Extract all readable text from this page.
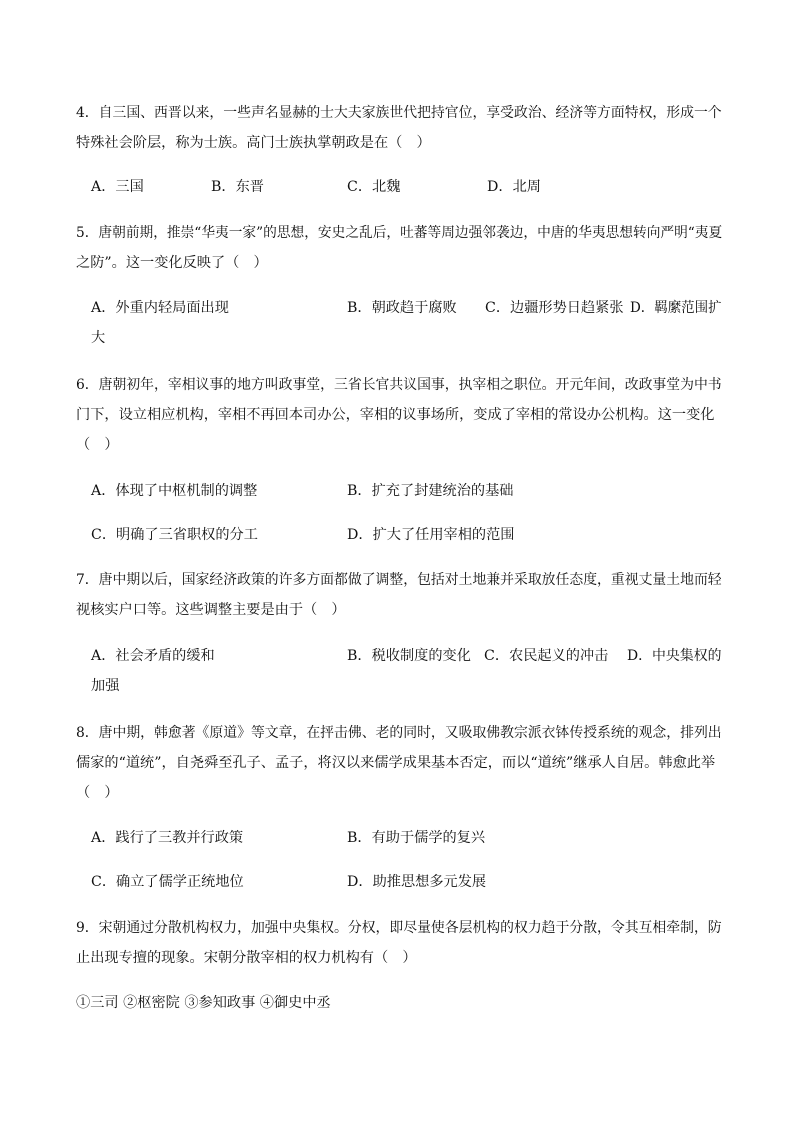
4．自三国、西晋以来，一些声名显赫的士大夫家族世代把持官位，享受政治、经济等方面特权，形成一个
特殊社会阶层，称为士族。高门士族执掌朝政是在（　）
A．三国	B．东晋	C．北魏	D．北周
5．唐朝前期，推崇“华夷一家”的思想，安史之乱后，吐蕃等周边强邻袭边，中唐的华夷思想转向严明“夷夏
之防”。这一变化反映了（　）
A．外重内轻局面出现	B．朝政趋于腐败 C．边疆形势日趋紧张 D．羁縻范围扩
大
6．唐朝初年，宰相议事的地方叫政事堂，三省长官共议国事，执宰相之职位。开元年间，改政事堂为中书
门下，设立相应机构，宰相不再回本司办公，宰相的议事场所，变成了宰相的常设办公机构。这一变化
（　）
A．体现了中枢机制的调整	B．扩充了封建统治的基础
C．明确了三省职权的分工	D．扩大了任用宰相的范围
7．唐中期以后，国家经济政策的许多方面都做了调整，包括对土地兼并采取放任态度，重视丈量土地而轻
视核实户口等。这些调整主要是由于（　）
A．社会矛盾的缓和	B．税收制度的变化 C．农民起义的冲击 D．中央集权的
加强
8．唐中期，韩愈著《原道》等文章，在抨击佛、老的同时，又吸取佛教宗派衣钵传授系统的观念，排列出
儒家的“道统”，自尧舜至孔子、孟子，将汉以来儒学成果基本否定，而以“道统”继承人自居。韩愈此举
（　）
A．践行了三教并行政策	B．有助于儒学的复兴
C．确立了儒学正统地位	D．助推思想多元发展
9．宋朝通过分散机构权力，加强中央集权。分权，即尽量使各层机构的权力趋于分散，令其互相牵制，防
止出现专擅的现象。宋朝分散宰相的权力机构有（　）
①三司 ②枢密院 ③参知政事 ④御史中丞
